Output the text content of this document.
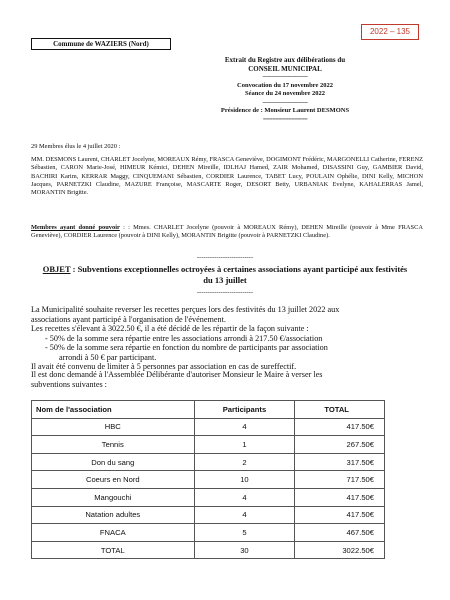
2022 – 135
Commune de WAZIERS (Nord)
Extrait du Registre aux délibérations du
CONSEIL MUNICIPAL
---------------------------
Convocation du 17 novembre 2022
Séance du 24 novembre 2022
---------------------------
Présidence de : Monsieur Laurent DESMONS
==============
29 Membres élus le 4 juillet 2020 :
MM. DESMONS Laurent, CHARLET Jocelyne, MOREAUX Rémy, FRASCA Geneviève, DOGIMONT Frédéric, MARGONELLI Catherine, FERENZ Sébastien, CARON Marie-José, HIMEUR Kémici, DEHEN Mireille, IDLHAJ Hamed, ZAIR Mohamed, DISASSINI Guy, GAMBIER David, BACHIRI Karim, KERRAR Maggy, CINQUEMANI Sébastien, CORDIER Laurence, TABET Lucy, POULAIN Ophélie, DINI Kelly, MICHON Jacques, PARNETZKI Claudine, MAZURE Françoise, MASCARTE Roger, DESORT Betty, URBANIAK Evelyne, KAHALERRAS Jamel, MORANTIN Brigitte.
Membres ayant donné pouvoir : : Mmes. CHARLET Jocelyne (pouvoir à MOREAUX Rémy), DEHEN Mireille (pouvoir à Mme FRASCA Geneviève), CORDIER Laurence (pouvoir à DINI Kelly), MORANTIN Brigitte (pouvoir à PARNETZKI Claudine).
--------------------------
OBJET : Subventions exceptionnelles octroyées à certaines associations ayant participé aux festivités du 13 juillet
--------------------------
La Municipalité souhaite reverser les recettes perçues lors des festivités du 13 juillet 2022 aux
associations ayant participé à l'organisation de l'événement.
Les recettes s'élevant à 3022.50 €, il a été décidé de les répartir de la façon suivante :
- 50% de la somme sera répartie entre les associations arrondi à 217.50 €/association
- 50% de la somme sera répartie en fonction du nombre de participants par association
arrondi à 50 € par participant.
Il avait été convenu de limiter à 5 personnes par association en cas de sureffectif.
Il est donc demandé à l'Assemblée Délibérante d'autoriser Monsieur le Maire à verser les
subventions suivantes :
Nom de l'association	Participants	TOTAL
HBC	4	417.50€
Tennis	1	267.50€
Don du sang	2	317.50€
Coeurs en Nord	10	717.50€
Mangouchi	4	417.50€
Natation adultes	4	417.50€
FNACA	5	467.50€
TOTAL	30	3022.50€
